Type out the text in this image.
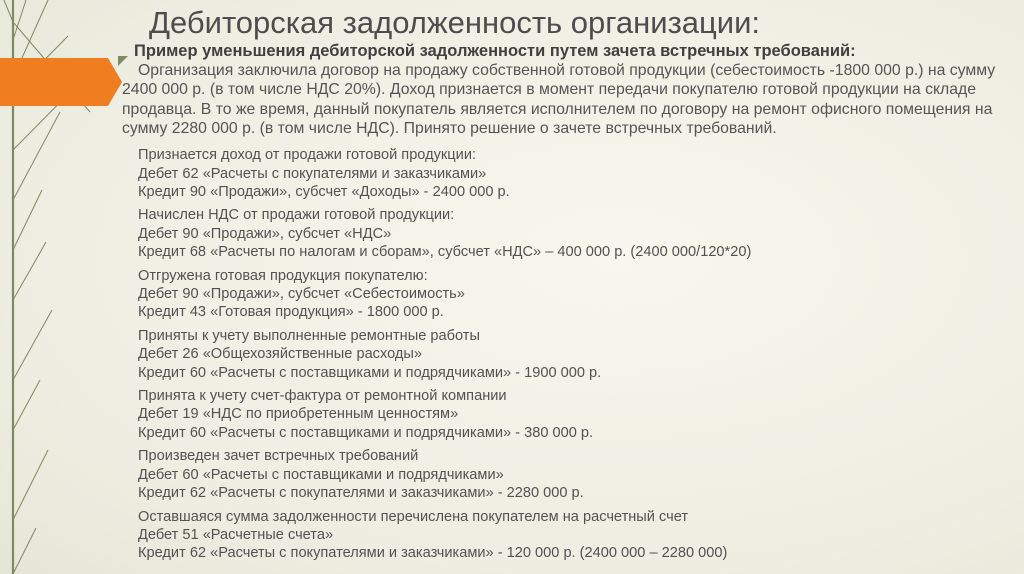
Дебиторская задолженность организации:
Пример уменьшения дебиторской задолженности путем зачета встречных требований:

Организация заключила договор на продажу собственной готовой продукции (себестоимость -1800 000 р.) на сумму 2400 000 р. (в том числе НДС 20%). Доход признается в момент передачи покупателю готовой продукции на складе продавца. В то же время, данный покупатель является исполнителем по договору на ремонт офисного помещения на сумму 2280 000 р. (в том числе НДС). Принято решение о зачете встречных требований.

Признается доход от продажи готовой продукции:
Дебет 62 «Расчеты с покупателями и заказчиками»
Кредит 90 «Продажи», субсчет «Доходы» - 2400 000 р.
Начислен НДС от продажи готовой продукции:
Дебет 90 «Продажи», субсчет «НДС»
Кредит 68 «Расчеты по налогам и сборам», субсчет «НДС» – 400 000 р. (2400 000/120*20)
Отгружена готовая продукция покупателю:
Дебет 90 «Продажи», субсчет «Себестоимость»
Кредит 43 «Готовая продукция» - 1800 000 р.
Приняты к учету выполненные ремонтные работы
Дебет 26 «Общехозяйственные расходы»
Кредит 60 «Расчеты с поставщиками и подрядчиками» - 1900 000 р.
Принята к учету счет-фактура от ремонтной компании
Дебет 19 «НДС по приобретенным ценностям»
Кредит 60 «Расчеты с поставщиками и подрядчиками» - 380 000 р.
Произведен зачет встречных требований
Дебет 60 «Расчеты с поставщиками и подрядчиками»
Кредит 62 «Расчеты с покупателями и заказчиками» - 2280 000 р.
Оставшаяся сумма задолженности перечислена покупателем на расчетный счет
Дебет 51 «Расчетные счета»
Кредит 62 «Расчеты с покупателями и заказчиками» - 120 000 р. (2400 000 – 2280 000)
